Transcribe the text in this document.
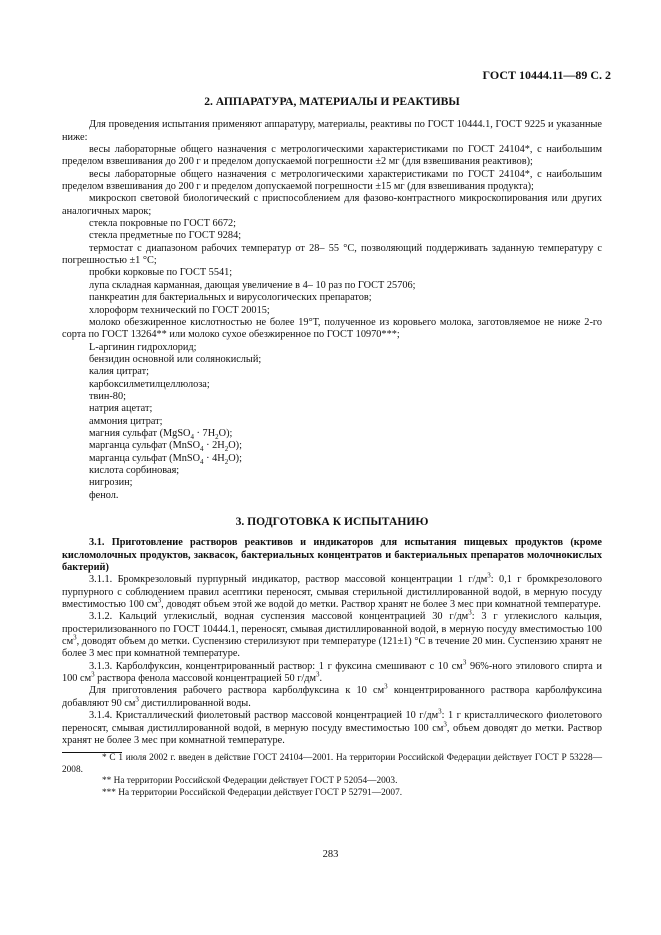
ГОСТ 10444.11—89 С. 2
2. АППАРАТУРА, МАТЕРИАЛЫ И РЕАКТИВЫ

Для проведения испытания применяют аппаратуру, материалы, реактивы по ГОСТ 10444.1, ГОСТ 9225 и указанные ниже:

весы лабораторные общего назначения с метрологическими характеристиками по ГОСТ 24104*, с наибольшим пределом взвешивания до 200 г и пределом допускаемой погрешности ±2 мг (для взвешивания реактивов);

весы лабораторные общего назначения с метрологическими характеристиками по ГОСТ 24104*, с наибольшим пределом взвешивания до 200 г и пределом допускаемой погрешности ±15 мг (для взвешивания продукта);

микроскоп световой биологический с приспособлением для фазово-контрастного микроскопирования или других аналогичных марок;

стекла покровные по ГОСТ 6672;

стекла предметные по ГОСТ 9284;

термостат с диапазоном рабочих температур от 28– 55 °С, позволяющий поддерживать заданную температуру с погрешностью ±1 °С;

пробки корковые по ГОСТ 5541;

лупа складная карманная, дающая увеличение в 4– 10 раз по ГОСТ 25706;

панкреатин для бактериальных и вирусологических препаратов;

хлороформ технический по ГОСТ 20015;

молоко обезжиренное кислотностью не более 19°Т, полученное из коровьего молока, заготовляемое не ниже 2-го сорта по ГОСТ 13264** или молоко сухое обезжиренное по ГОСТ 10970***;

L-аргинин гидрохлорид;

бензидин основной или солянокислый;

калия цитрат;

карбоксилметилцеллюлоза;

твин-80;

натрия ацетат;

аммония цитрат;

магния сульфат (MgSO$_4$ · $7H_2O$);

марганца сульфат (MnSO$_4$ · $2H_2O$);

марганца сульфат (MnSO$_4$ · $4H_2O$);

кислота сорбиновая;

нигрозин;

фенол.

3. ПОДГОТОВКА К ИСПЫТАНИЮ

3.1. Приготовление растворов реактивов и индикаторов для испытания пищевых продуктов (кроме кисломолочных продуктов, заквасок, бактериальных концентратов и бактериальных препаратов молочнокислых бактерий)

3.1.1. Бромкрезоловый пурпурный индикатор, раствор массовой концентрации 1 $г/дм^3$: 0,1 г бромкрезолового пурпурного с соблюдением правил асептики переносят, смывая стерильной дистиллированной водой, в мерную посуду вместимостью 100 $см^3$, доводят объем этой же водой до метки. Раствор хранят не более 3 мес при комнатной температуре.

3.1.2. Кальций углекислый, водная суспензия массовой концентрацией 30 $г/дм^3$: 3 г углекислого кальция, простерилизованного по ГОСТ 10444.1, переносят, смывая дистиллированной водой, в мерную посуду вместимостью 100 $см^3$, доводят объем до метки. Суспензию стерилизуют при температуре (121±1) °С в течение 20 мин. Суспензию хранят не более 3 мес при комнатной температуре.

3.1.3. Карболфуксин, концентрированный раствор: 1 г фуксина смешивают с 10 $см^3$ 96%-ного этилового спирта и 100 $см^3$ раствора фенола массовой концентрацией 50 $г/дм^3$.

Для приготовления рабочего раствора карболфуксина к 10 $см^3$ концентрированного раствора карболфуксина добавляют 90 $см^3$ дистиллированной воды.

3.1.4. Кристаллический фиолетовый раствор массовой концентрацией 10 $г/дм^3$: 1 г кристаллического фиолетового переносят, смывая дистиллированной водой, в мерную посуду вместимостью 100 $см^3$, объем доводят до метки. Раствор хранят не более 3 мес при комнатной температуре.

* С 1 июля 2002 г. введен в действие ГОСТ 24104—2001. На территории Российской Федерации действует ГОСТ Р 53228—2008.

** На территории Российской Федерации действует ГОСТ Р 52054—2003.

*** На территории Российской Федерации действует ГОСТ Р 52791—2007.

283
